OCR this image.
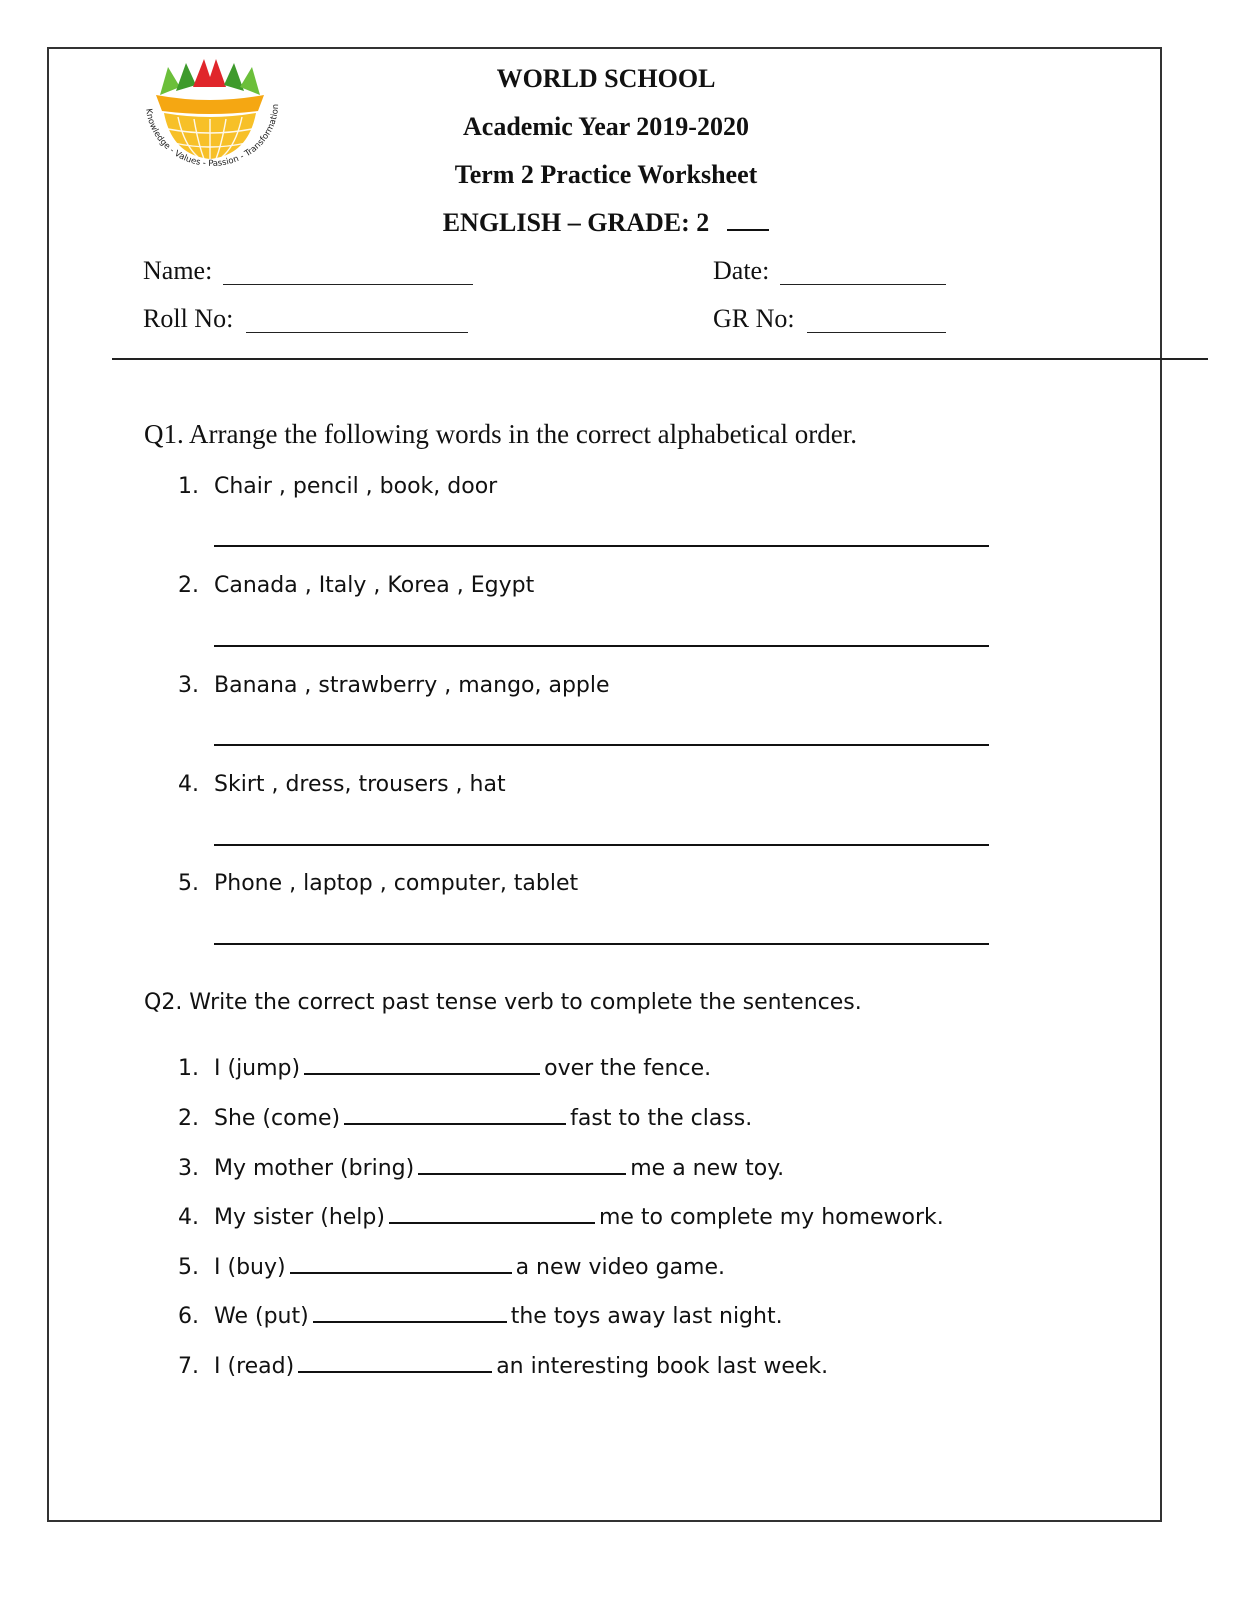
Knowledge - Values - Passion - Transformation
WORLD SCHOOL
Academic Year 2019-2020
Term 2 Practice Worksheet
ENGLISH – GRADE: 2
Name:	Date:
Roll No:	GR No:
Q1. Arrange the following words in the correct alphabetical order.
1. Chair , pencil , book, door
2. Canada , Italy , Korea , Egypt
3. Banana , strawberry , mango, apple
4. Skirt , dress, trousers , hat
5. Phone , laptop , computer, tablet
Q2. Write the correct past tense verb to complete the sentences.
1. I (jump)	over the fence.
2. She (come)	fast to the class.
3. My mother (bring)	me a new toy.
4. My sister (help)	me to complete my homework.
5. I (buy)	a new video game.
6. We (put)	the toys away last night.
7. I (read)	an interesting book last week.
